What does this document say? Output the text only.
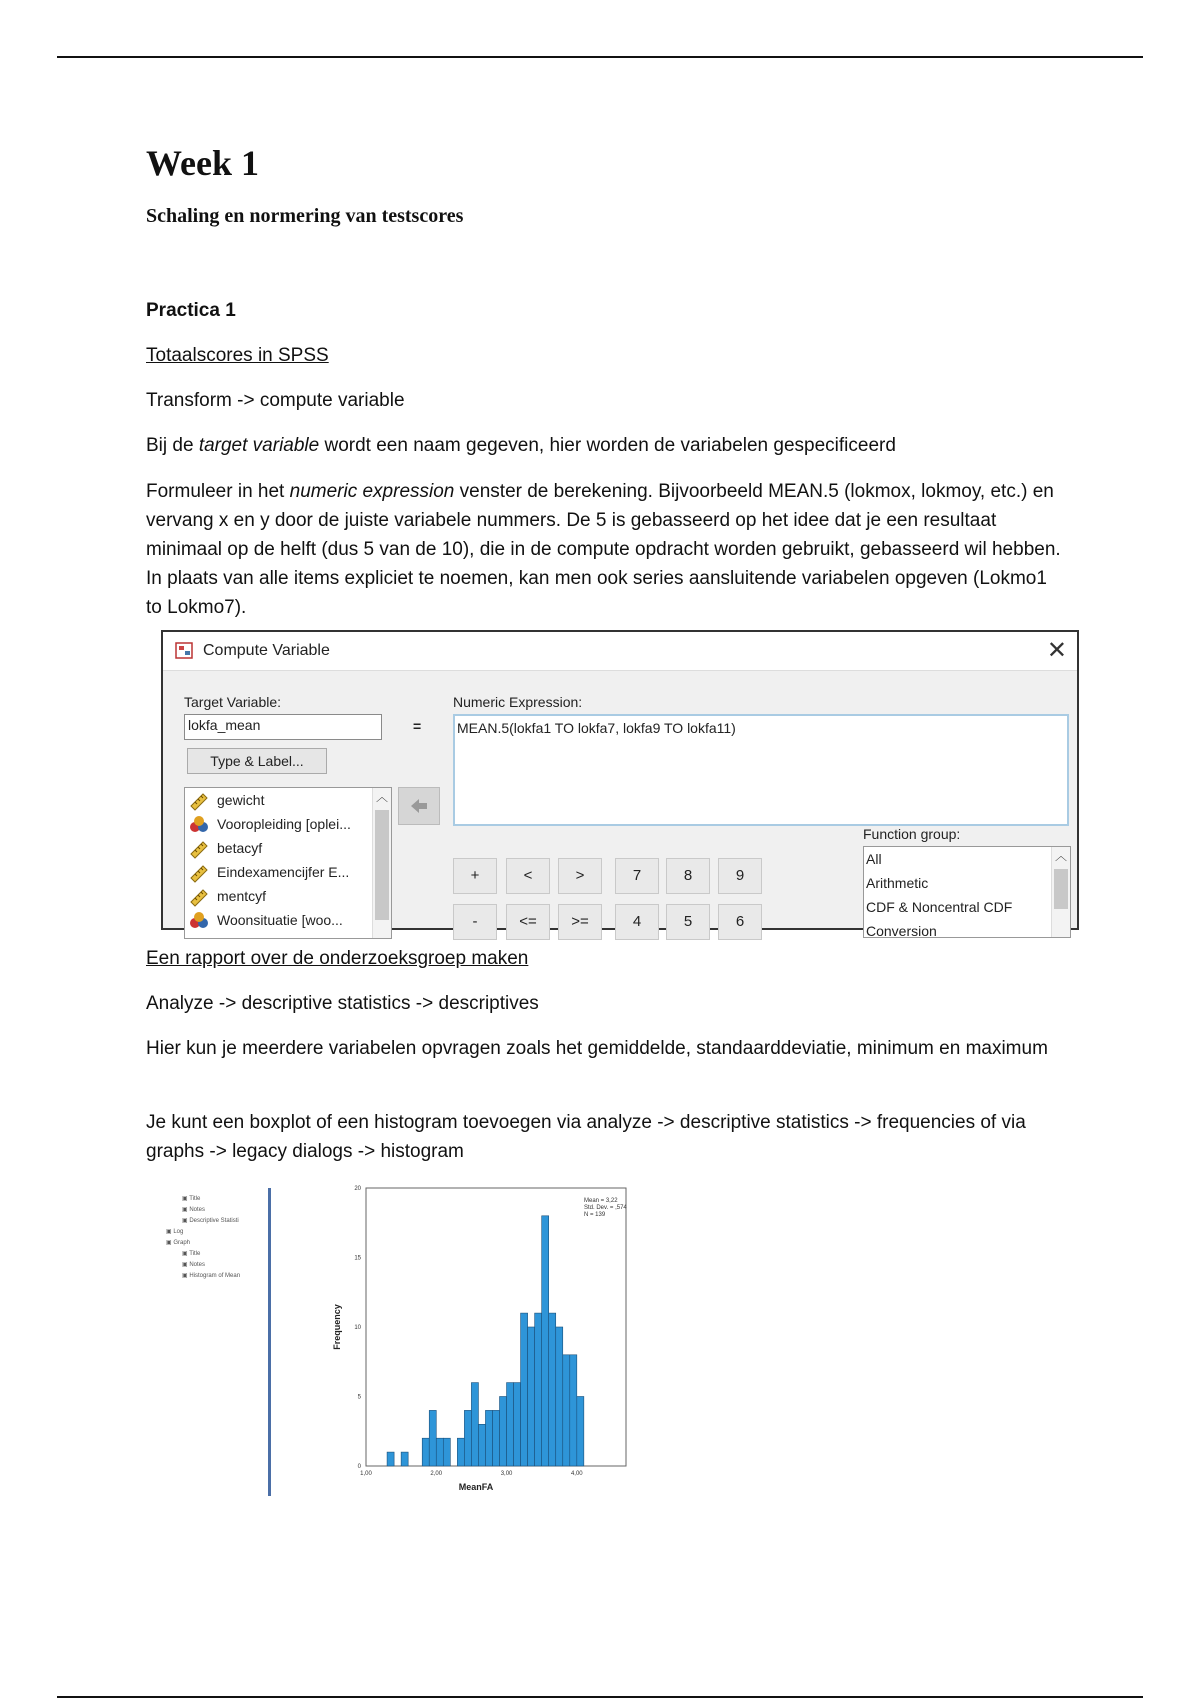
Week 1

Schaling en normering van testscores

Practica 1

Totaalscores in SPSS

Transform -> compute variable

Bij de target variable wordt een naam gegeven, hier worden de variabelen gespecificeerd

Formuleer in het numeric expression venster de berekening. Bijvoorbeeld MEAN.5 (lokmox, lokmoy, etc.) en vervang x en y door de juiste variabele nummers. De 5 is gebasseerd op het idee dat je een resultaat minimaal op de helft (dus 5 van de 10), die in de compute opdracht worden gebruikt, gebasseerd wil hebben. In plaats van alle items expliciet te noemen, kan men ook series aansluitende variabelen opgeven (Lokmo1 to Lokmo7).

Een rapport over de onderzoeksgroep maken

Analyze -> descriptive statistics -> descriptives

Hier kun je meerdere variabelen opvragen zoals het gemiddelde, standaarddeviatie, minimum en maximum

Je kunt een boxplot of een histogram toevoegen via analyze -> descriptive statistics -> frequencies of via graphs -> legacy dialogs -> histogram

Compute Variable	✕
Target Variable:
lokfa_mean	=
Type & Label...
gewicht
Vooropleiding [oplei...
betacyf
Eindexamencijfer E...
mentcyf
Woonsituatie [woo...
︿
Numeric Expression:
MEAN.5(lokfa1 TO lokfa7, lokfa9 TO lokfa11)
+	<	>	7	8	9
-	<=	>=	4	5	6
Function group:
All
Arithmetic
CDF & Noncentral CDF
Conversion
︿
▣ Title
▣ Notes
▣ Descriptive Statisti
▣ Log
▣ Graph
▣ Title
▣ Notes
▣ Histogram of Mean
0
5
10
15
20
1,00	2,00	3,00	4,00
MeanFA
Frequency
Mean = 3,22
Std. Dev. = ,574
N = 139
